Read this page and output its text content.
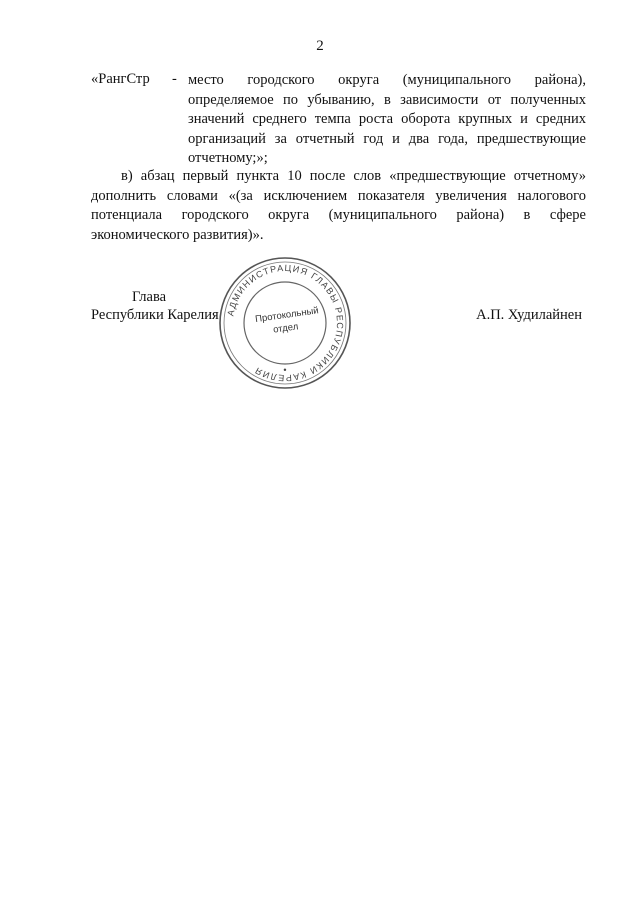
2
«РангСтр - место городского округа (муниципального района),
определяемое по убыванию, в зависимости от полученных
значений среднего темпа роста оборота крупных и средних
организаций за отчетный год и два года, предшествующие
отчетному;»;
в) абзац первый пункта 10 после слов «предшествующие отчетному»
дополнить словами «(за исключением показателя увеличения налогового
потенциала городского округа (муниципального района) в сфере
экономического развития)».
Глава
Республики Карелия	А.П. Худилайнен
АДМИНИСТРАЦИЯ ГЛАВЫ РЕСПУБЛИКИ КАРЕЛИЯ
Протокольный
отдел
•
